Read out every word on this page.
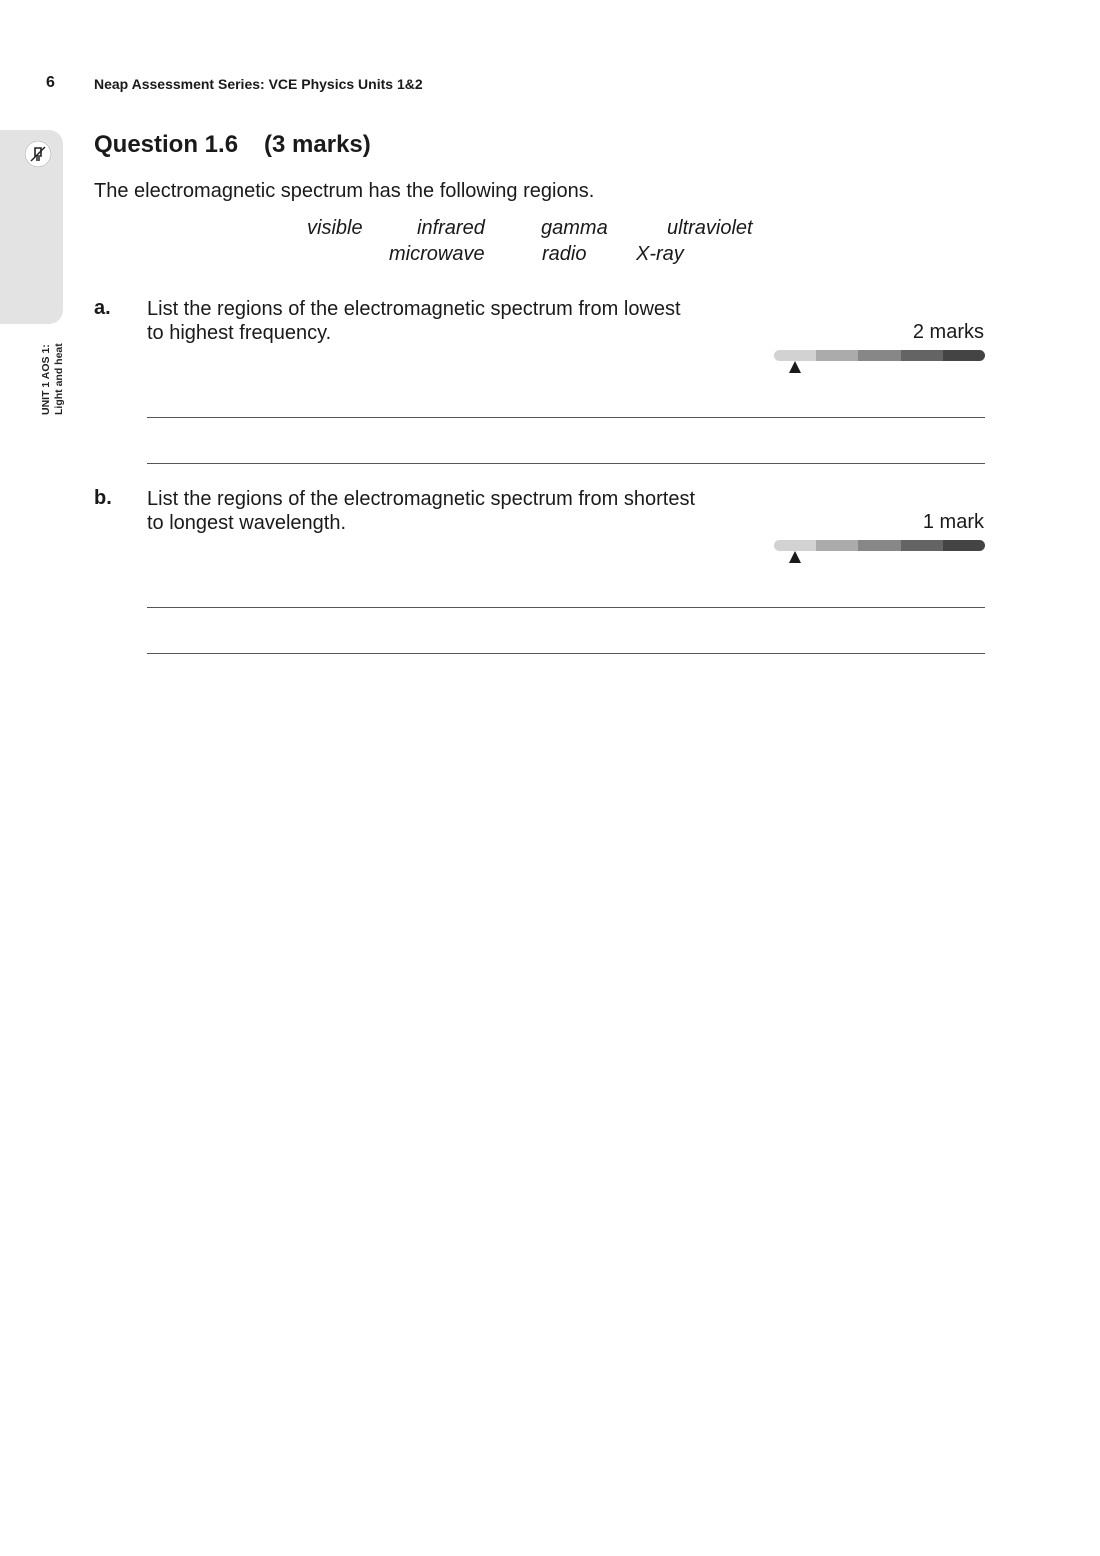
6	Neap Assessment Series: VCE Physics Units 1&2
UNIT 1 AOS 1: Light and heat
Question 1.6 (3 marks)
The electromagnetic spectrum has the following regions.
visible	infrared	gamma	ultraviolet
microwave	radio X-ray
a. List the regions of the electromagnetic spectrum from lowest
to highest frequency.	2 marks
b. List the regions of the electromagnetic spectrum from shortest
to longest wavelength.	1 mark
